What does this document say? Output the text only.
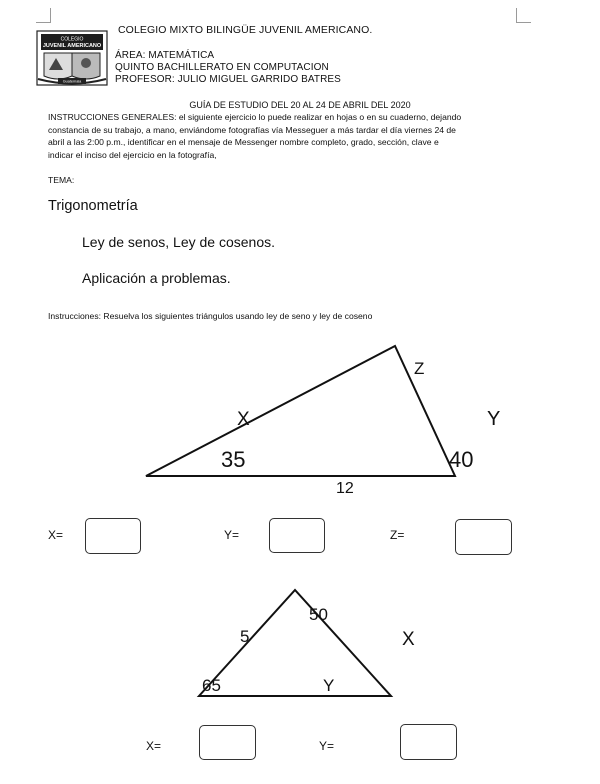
COLEGIO
JUVENIL AMERICANO
Guatemala
COLEGIO MIXTO BILINGÜE JUVENIL AMERICANO.
ÁREA: MATEMÁTICA
QUINTO BACHILLERATO EN COMPUTACION
PROFESOR: JULIO MIGUEL GARRIDO BATRES
GUÍA DE ESTUDIO DEL 20 AL 24 DE ABRIL DEL 2020
INSTRUCCIONES GENERALES: el siguiente ejercicio lo puede realizar en hojas o en su cuaderno, dejando
constancia de su trabajo, a mano, enviándome fotografías vía Messeguer a más tardar el día viernes 24 de
abril a las 2:00 p.m., identificar en el mensaje de Messenger nombre completo, grado, sección, clave e
indicar el inciso del ejercicio en la fotografía,
TEMA:
Trigonometría
Ley de senos, Ley de cosenos.
Aplicación a problemas.
Instrucciones: Resuelva los siguientes triángulos usando ley de seno y ley de coseno
Z
X	Y
35	40
12
5
50
X
65	Y
X=	Y=	Z=
X=	Y=
